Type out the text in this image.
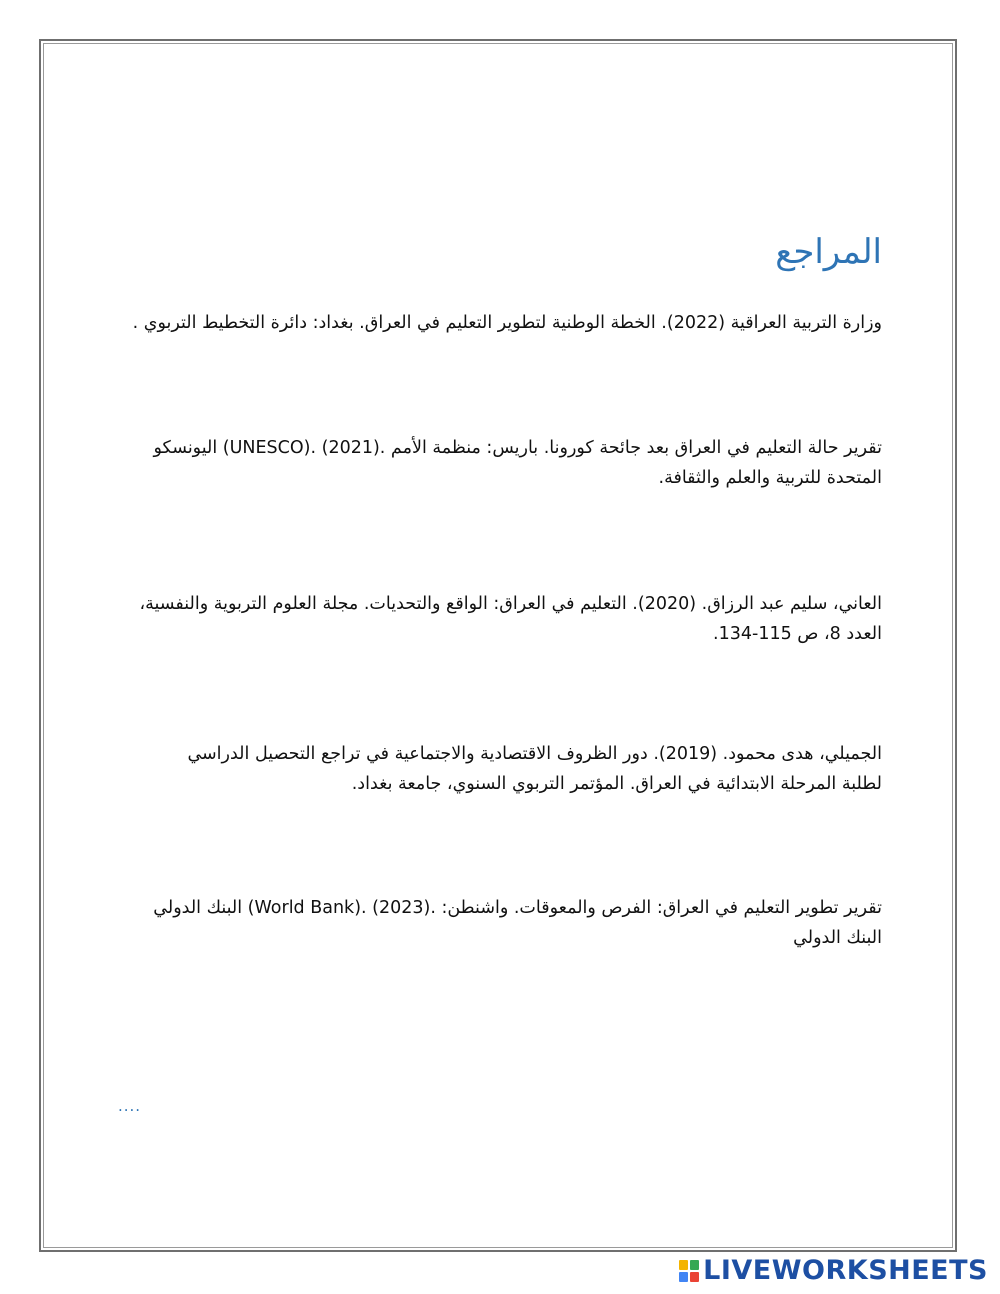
المراجع
وزارة التربية العراقية (2022). الخطة الوطنية لتطوير التعليم في العراق. بغداد: دائرة التخطيط التربوي .
تقرير حالة التعليم في العراق بعد جائحة كورونا. باريس: منظمة الأمم .(2021) .(UNESCO) اليونسكو
المتحدة للتربية والعلم والثقافة.
العاني، سليم عبد الرزاق. (2020). التعليم في العراق: الواقع والتحديات. مجلة العلوم التربوية والنفسية،
العدد 8، ص 115-134.
الجميلي، هدى محمود. (2019). دور الظروف الاقتصادية والاجتماعية في تراجع التحصيل الدراسي
لطلبة المرحلة الابتدائية في العراق. المؤتمر التربوي السنوي، جامعة بغداد.
تقرير تطوير التعليم في العراق: الفرص والمعوقات. واشنطن: .(2023) .(World Bank) البنك الدولي
البنك الدولي
....
LIVEWORKSHEETS
